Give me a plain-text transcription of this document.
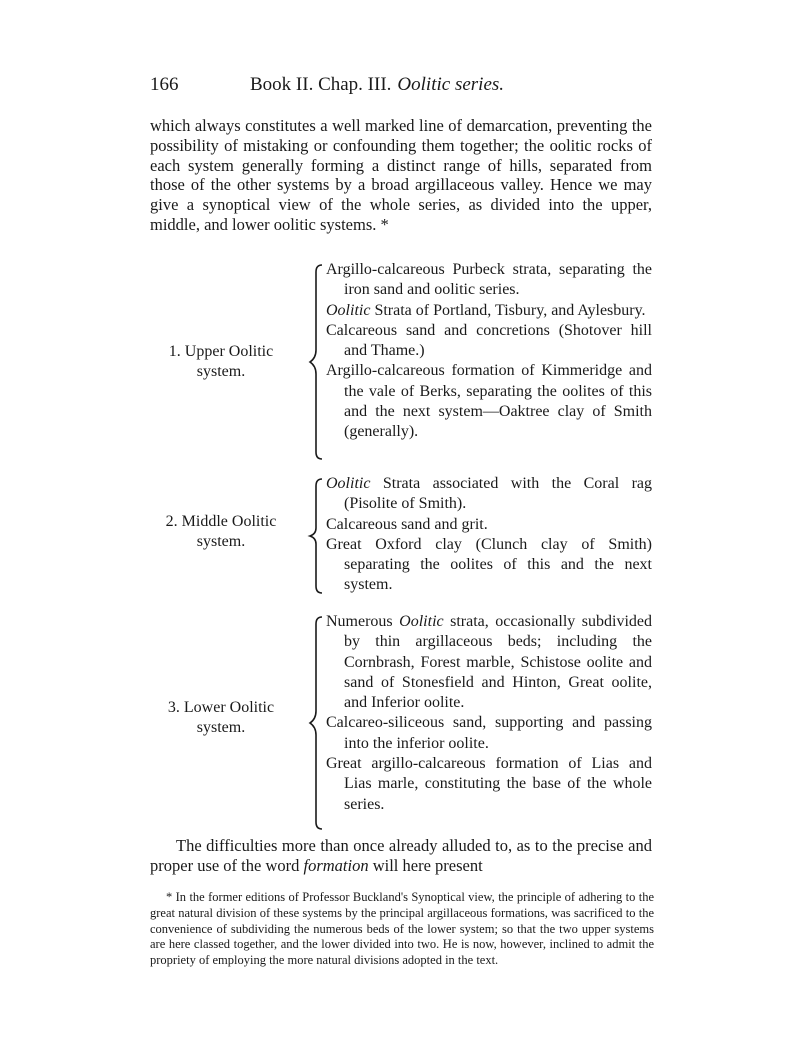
166	Book II. Chap. III. Oolitic series.
which always constitutes a well marked line of demarcation, preventing the possibility of mistaking or confounding them together; the oolitic rocks of each system generally forming a distinct range of hills, separated from those of the other systems by a broad argillaceous valley. Hence we may give a synoptical view of the whole series, as divided into the upper, middle, and lower oolitic systems. *
1. Upper Oolitic
system.
Argillo-calcareous Purbeck strata, separating the iron sand and oolitic series.
Oolitic Strata of Portland, Tisbury, and Aylesbury.
Calcareous sand and concretions (Shotover hill and Thame.)
Argillo-calcareous formation of Kimmeridge and the vale of Berks, separating the oolites of this and the next system—Oaktree clay of Smith (generally).
2. Middle Oolitic
system.
Oolitic Strata associated with the Coral rag (Pisolite of Smith).
Calcareous sand and grit.
Great Oxford clay (Clunch clay of Smith) separating the oolites of this and the next system.
3. Lower Oolitic
system.
Numerous Oolitic strata, occasionally subdivided by thin argillaceous beds; including the Cornbrash, Forest marble, Schistose oolite and sand of Stonesfield and Hinton, Great oolite, and Inferior oolite.
Calcareo-siliceous sand, supporting and passing into the inferior oolite.
Great argillo-calcareous formation of Lias and Lias marle, constituting the base of the whole series.
The difficulties more than once already alluded to, as to the precise and proper use of the word formation will here present
* In the former editions of Professor Buckland's Synoptical view, the principle of adhering to the great natural division of these systems by the principal argillaceous formations, was sacrificed to the convenience of subdividing the numerous beds of the lower system; so that the two upper systems are here classed together, and the lower divided into two. He is now, however, inclined to admit the propriety of employing the more natural divisions adopted in the text.
